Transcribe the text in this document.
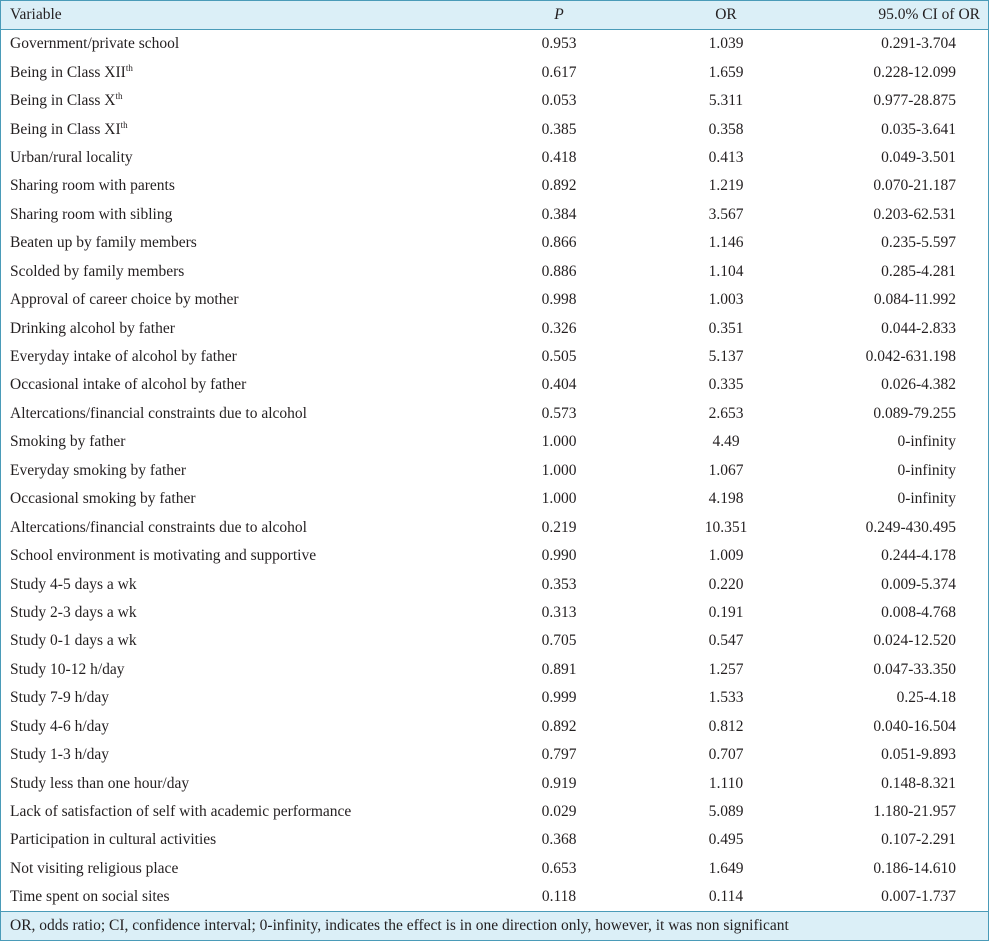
Variable	P	OR	95.0% CI of OR
Government/private school	0.953	1.039	0.291-3.704
Being in Class XIIth	0.617	1.659	0.228-12.099
Being in Class Xth	0.053	5.311	0.977-28.875
Being in Class XIth	0.385	0.358	0.035-3.641
Urban/rural locality	0.418	0.413	0.049-3.501
Sharing room with parents	0.892	1.219	0.070-21.187
Sharing room with sibling	0.384	3.567	0.203-62.531
Beaten up by family members	0.866	1.146	0.235-5.597
Scolded by family members	0.886	1.104	0.285-4.281
Approval of career choice by mother	0.998	1.003	0.084-11.992
Drinking alcohol by father	0.326	0.351	0.044-2.833
Everyday intake of alcohol by father	0.505	5.137	0.042-631.198
Occasional intake of alcohol by father	0.404	0.335	0.026-4.382
Altercations/financial constraints due to alcohol	0.573	2.653	0.089-79.255
Smoking by father	1.000	4.49	0-infinity
Everyday smoking by father	1.000	1.067	0-infinity
Occasional smoking by father	1.000	4.198	0-infinity
Altercations/financial constraints due to alcohol	0.219	10.351	0.249-430.495
School environment is motivating and supportive	0.990	1.009	0.244-4.178
Study 4-5 days a wk	0.353	0.220	0.009-5.374
Study 2-3 days a wk	0.313	0.191	0.008-4.768
Study 0-1 days a wk	0.705	0.547	0.024-12.520
Study 10-12 h/day	0.891	1.257	0.047-33.350
Study 7-9 h/day	0.999	1.533	0.25-4.18
Study 4-6 h/day	0.892	0.812	0.040-16.504
Study 1-3 h/day	0.797	0.707	0.051-9.893
Study less than one hour/day	0.919	1.110	0.148-8.321
Lack of satisfaction of self with academic performance	0.029	5.089	1.180-21.957
Participation in cultural activities	0.368	0.495	0.107-2.291
Not visiting religious place	0.653	1.649	0.186-14.610
Time spent on social sites	0.118	0.114	0.007-1.737
OR, odds ratio; CI, confidence interval; 0-infinity, indicates the effect is in one direction only, however, it was non significant
